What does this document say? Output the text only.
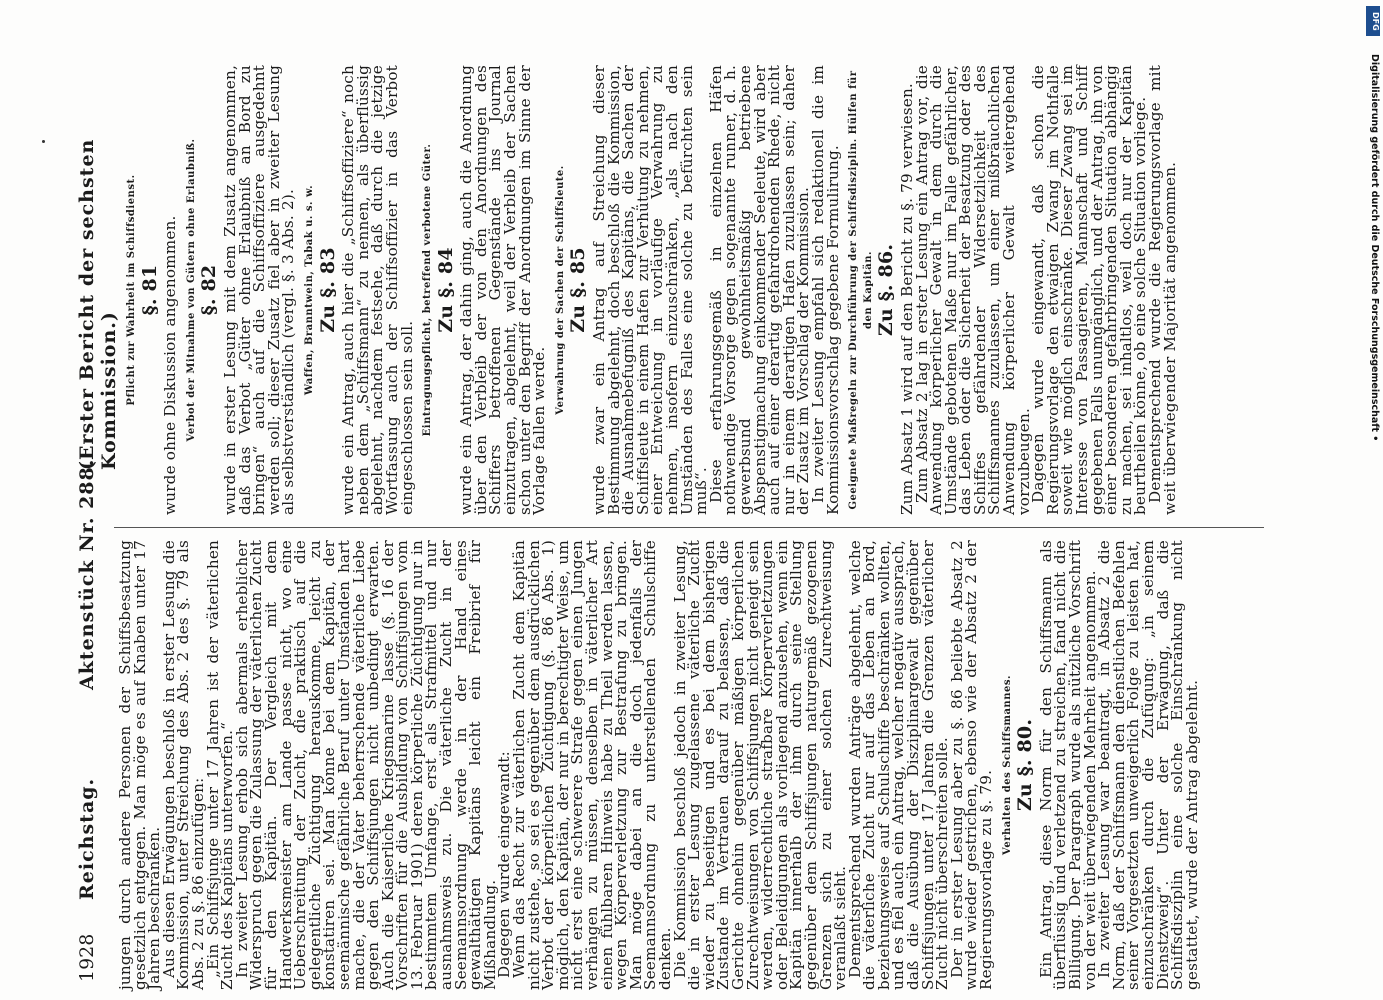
1928
Reichstag.
Aktenstück Nr. 288.
(Erster Bericht der sechsten Kommission.)

jungen durch andere Personen der Schiffsbesatzung gesetzlich entgegen. Man möge es auf Knaben unter 17 Jahren beschränken.

Aus diesen Erwägungen beschloß in erster Lesung die Kommission, unter Streichung des Abs. 2 des §. 79 als Abs. 2 zu §. 86 einzufügen:

„Ein Schiffsjunge unter 17 Jahren ist der väterlichen Zucht des Kapitäns unterworfen.“

In zweiter Lesung erhob sich abermals erheblicher Widerspruch gegen die Zulassung der väterlichen Zucht für den Kapitän. Der Vergleich mit dem Handwerksmeister am Lande passe nicht, wo eine Ueberschreitung der Zucht, die praktisch auf die gelegentliche Züchtigung herauskomme, leicht zu konstatiren sei. Man könne bei dem Kapitän, der seemännische gefährliche Beruf unter Umständen hart mache, die der Vater beherrschende väterliche Liebe gegen den Schiffsjungen nicht unbedingt erwarten. Auch die Kaiserliche Kriegsmarine lasse (§. 16 der Vorschriften für die Ausbildung von Schiffsjungen vom 13. Februar 1901) deren körperliche Züchtigung nur in bestimmtem Umfange, erst als Strafmittel und nur ausnahmsweis zu. Die väterliche Zucht in der Seemannsordnung werde in der Hand eines gewalthätigen Kapitäns leicht ein Freibrief für Mißhandlung.

Dagegen wurde eingewandt:

Wenn das Recht zur väterlichen Zucht dem Kapitän nicht zustehe, so sei es gegenüber dem ausdrücklichen Verbot der körperlichen Züchtigung (§. 86 Abs. 1) möglich, den Kapitän, der nur in berechtigter Weise, um nicht erst eine schwerere Strafe gegen einen Jungen verhängen zu müssen, denselben in väterlicher Art einen fühlbaren Hinweis habe zu Theil werden lassen, wegen Körperverletzung zur Bestrafung zu bringen. Man möge dabei an die doch jedenfalls der Seemannsordnung zu unterstellenden Schulschiffe denken.

Die Kommission beschloß jedoch in zweiter Lesung, die in erster Lesung zugelassene väterliche Zucht wieder zu beseitigen und es bei dem bisherigen Zustande im Vertrauen darauf zu belassen, daß die Gerichte ohnehin gegenüber mäßigen körperlichen Zurechtweisungen von Schiffsjungen nicht geneigt sein werden, widerrechtliche strafbare Körperverletzungen oder Beleidigungen als vorliegend anzusehen, wenn ein Kapitän innerhalb der ihm durch seine Stellung gegenüber dem Schiffsjungen naturgemäß gezogenen Grenzen sich zu einer solchen Zurechtweisung veranlaßt sieht.

Dementsprechend wurden Anträge abgelehnt, welche die väterliche Zucht nur auf das Leben an Bord, beziehungsweise auf Schulschiffe beschränken wollten, und es fiel auch ein Antrag, welcher negativ aussprach, daß die Ausübung der Disziplinargewalt gegenüber Schiffsjungen unter 17 Jahren die Grenzen väterlicher Zucht nicht überschreiten solle.

Der in erster Lesung aber zu §. 86 beliebte Absatz 2 wurde wieder gestrichen, ebenso wie der Absatz 2 der Regierungsvorlage zu §. 79.

Verhalten des Schiffsmannes. Zu §. 80. Ein Antrag, diese Norm für den Schiffsmann als überflüssig und verletzend zu streichen, fand nicht die Billigung. Der Paragraph wurde als nützliche Vorschrift von der weit überwiegenden Mehrheit angenommen.

In zweiter Lesung war beantragt, in Absatz 2 die Norm, daß der Schiffsmann den dienstlichen Befehlen seiner Vorgesetzten unweigerlich Folge zu leisten hat, einzuschränken durch die Zufügung: „in seinem Dienstzweig“. Unter der Erwägung, daß die Schiffsdisziplin eine solche Einschränkung nicht gestattet, wurde der Antrag abgelehnt.

Pflicht zur Wahrheit im Schiffsdienst. §. 81 wurde ohne Diskussion angenommen. Verbot der Mitnahme von Gütern ohne Erlaubniß. §. 82 wurde in erster Lesung mit dem Zusatz angenommen, daß das Verbot „Güter ohne Erlaubniß an Bord zu bringen“ auch auf die Schiffsoffiziere ausgedehnt werden soll; dieser Zusatz fiel aber in zweiter Lesung als selbstverständlich (vergl. §. 3 Abs. 2). Waffen, Branntwein, Tabak u. s. w. Zu §. 83 wurde ein Antrag, auch hier die „Schiffsoffiziere“ noch neben dem „Schiffsmann“ zu nennen, als überflüssig abgelehnt, nachdem festsehe, daß durch die jetzige Wortfassung auch der Schiffsoffizier in das Verbot eingeschlossen sein soll. Eintragungspflicht, betreffend verbotene Güter. Zu §. 84 wurde ein Antrag, der dahin ging, auch die Anordnung über den Verbleib der von den Anordnungen des Schiffers betroffenen Gegenstände ins Journal einzutragen, abgelehnt, weil der Verbleib der Sachen schon unter den Begriff der Anordnungen im Sinne der Vorlage fallen werde.

Verwahrung der Sachen der Schiffsleute. Zu §. 85 wurde zwar ein Antrag auf Streichung dieser Bestimmung abgelehnt, doch beschloß die Kommission, die Ausnahmebefugniß des Kapitäns, die Sachen der Schiffsleute in einem Hafen zur Verhütung zu nehmen, einer Entweichung in vorläufige Verwahrung zu nehmen, insofern einzuschränken, „als nach den Umständen des Falles eine solche zu befürchten sein muß“.

Diese erfahrungsgemäß in einzelnen Häfen nothwendige Vorsorge gegen sogenannte runner, d. h. gewerbsund gewohnheitsmäßig betriebene Abspenstigmachung einkommender Seeleute, wird aber auch auf einer derartig gefahrdrohenden Rhede, nicht nur in einem derartigen Hafen zuzulassen sein; daher der Zusatz im Vorschlag der Kommission.

In zweiter Lesung empfahl sich redaktionell die im Kommissionsvorschlag gegebene Formulirung. Geeignete Maßregeln zur Durchführung der Schiffsdisziplin. Hülfen für den Kapitän. Zu §. 86. Zum Absatz 1 wird auf den Bericht zu §. 79 verwiesen.

Zum Absatz 2 lag in erster Lesung ein Antrag vor, die Anwendung körperlicher Gewalt in dem durch die Umstände gebotenen Maße nur im Falle gefährlicher, das Leben oder die Sicherheit der Besatzung oder des Schiffes gefährdender Widersetzlichkeit des Schiffsmannes zuzulassen, um einer mißbräuchlichen Anwendung körperlicher Gewalt weitergehend vorzubeugen.

Dagegen wurde eingewandt, daß schon die Regierungsvorlage den etwaigen Zwang im Nothfalle soweit wie möglich einschränke. Dieser Zwang sei im Interesse von Passagieren, Mannschaft und Schiff gegebenen Falls unumgänglich, und der Antrag, ihn von einer besonderen gefahrbringenden Situation abhängig zu machen, sei inhaltlos, weil doch nur der Kapitän beurtheilen könne, ob eine solche Situation vorliege.

Dementsprechend wurde die Regierungsvorlage mit weit überwiegender Majorität angenommen.

DFG
Digitalisierung gefördert durch die Deutsche Forschungsgemeinschaft •
